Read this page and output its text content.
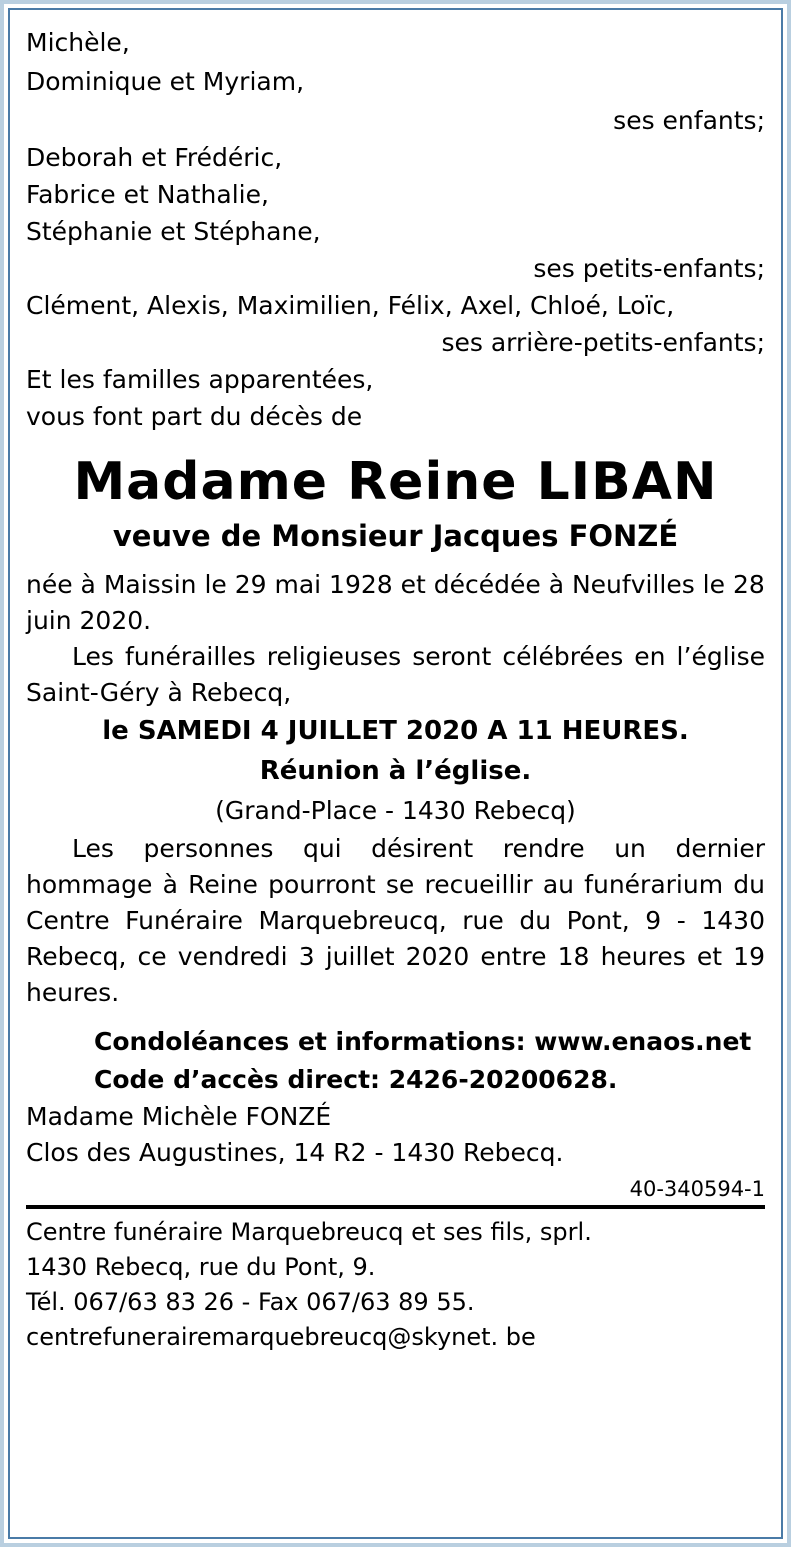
Michèle,
Dominique et Myriam,
ses enfants;
Deborah et Frédéric,
Fabrice et Nathalie,
Stéphanie et Stéphane,
ses petits-enfants;
Clément, Alexis, Maximilien, Félix, Axel, Chloé, Loïc,
ses arrière-petits-enfants;
Et les familles apparentées,
vous font part du décès de
Madame Reine LIBAN
veuve de Monsieur Jacques FONZÉ
née à Maissin le 29 mai 1928 et décédée à Neufvilles le 28 juin 2020.
Les funérailles religieuses seront célébrées en l’église Saint-Géry à Rebecq,
le SAMEDI 4 JUILLET 2020 A 11 HEURES.
Réunion à l’église.
(Grand-Place - 1430 Rebecq)
Les personnes qui désirent rendre un dernier hommage à Reine pourront se recueillir au funérarium du Centre Funéraire Marquebreucq, rue du Pont, 9 - 1430 Rebecq, ce vendredi 3 juillet 2020 entre 18 heures et 19 heures.
Condoléances et informations: www.enaos.net
Code d’accès direct: 2426-20200628.
Madame Michèle FONZÉ
Clos des Augustines, 14 R2 - 1430 Rebecq.
40-340594-1
Centre funéraire Marquebreucq et ses fils, sprl.
1430 Rebecq, rue du Pont, 9.
Tél. 067/63 83 26 - Fax 067/63 89 55.
centrefunerairemarquebreucq@skynet. be
